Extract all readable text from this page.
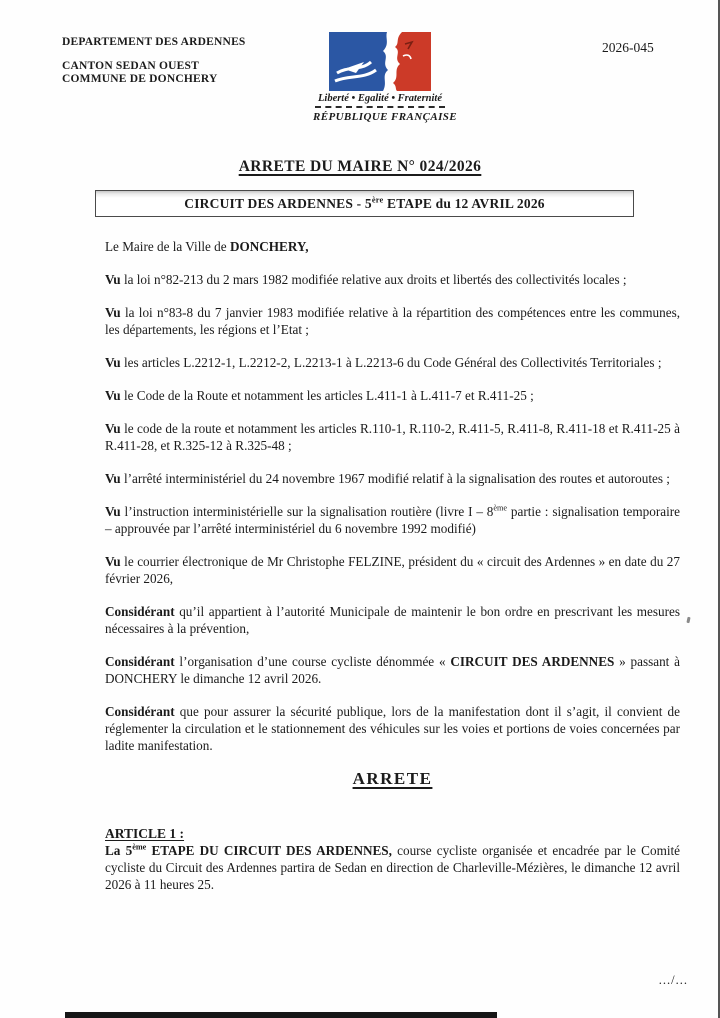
DEPARTEMENT DES ARDENNES
CANTON SEDAN OUEST
COMMUNE DE DONCHERY
Liberté • Egalité • Fraternité
RÉPUBLIQUE FRANÇAISE
2026-045
ARRETE DU MAIRE N° 024/2026
CIRCUIT DES ARDENNES - 5ère ETAPE du 12 AVRIL 2026

Le Maire de la Ville de DONCHERY,

Vu la loi n°82-213 du 2 mars 1982 modifiée relative aux droits et libertés des collectivités locales ;

Vu la loi n°83-8 du 7 janvier 1983 modifiée relative à la répartition des compétences entre les communes, les départements, les régions et l’Etat ;

Vu les articles L.2212-1, L.2212-2, L.2213-1 à L.2213-6 du Code Général des Collectivités Territoriales ;

Vu le Code de la Route et notamment les articles L.411-1 à L.411-7 et R.411-25 ;

Vu le code de la route et notamment les articles R.110-1, R.110-2, R.411-5, R.411-8, R.411-18 et R.411-25 à R.411-28, et R.325-12 à R.325-48 ;

Vu l’arrêté interministériel du 24 novembre 1967 modifié relatif à la signalisation des routes et autoroutes ;

Vu l’instruction interministérielle sur la signalisation routière (livre I – 8ème partie : signalisation temporaire – approuvée par l’arrêté interministériel du 6 novembre 1992 modifié)

Vu le courrier électronique de Mr Christophe FELZINE, président du « circuit des Ardennes » en date du 27 février 2026,

Considérant qu’il appartient à l’autorité Municipale de maintenir le bon ordre en prescrivant les mesures nécessaires à la prévention,

Considérant l’organisation d’une course cycliste dénommée « CIRCUIT DES ARDENNES » passant à DONCHERY le dimanche 12 avril 2026.

Considérant que pour assurer la sécurité publique, lors de la manifestation dont il s’agit, il convient de réglementer la circulation et le stationnement des véhicules sur les voies et portions de voies concernées par ladite manifestation.

ARRETE
ARTICLE 1 :

La 5ème ETAPE DU CIRCUIT DES ARDENNES, course cycliste organisée et encadrée par le Comité cycliste du Circuit des Ardennes partira de Sedan en direction de Charleville-Mézières, le dimanche 12 avril 2026 à 11 heures 25.

.../...
